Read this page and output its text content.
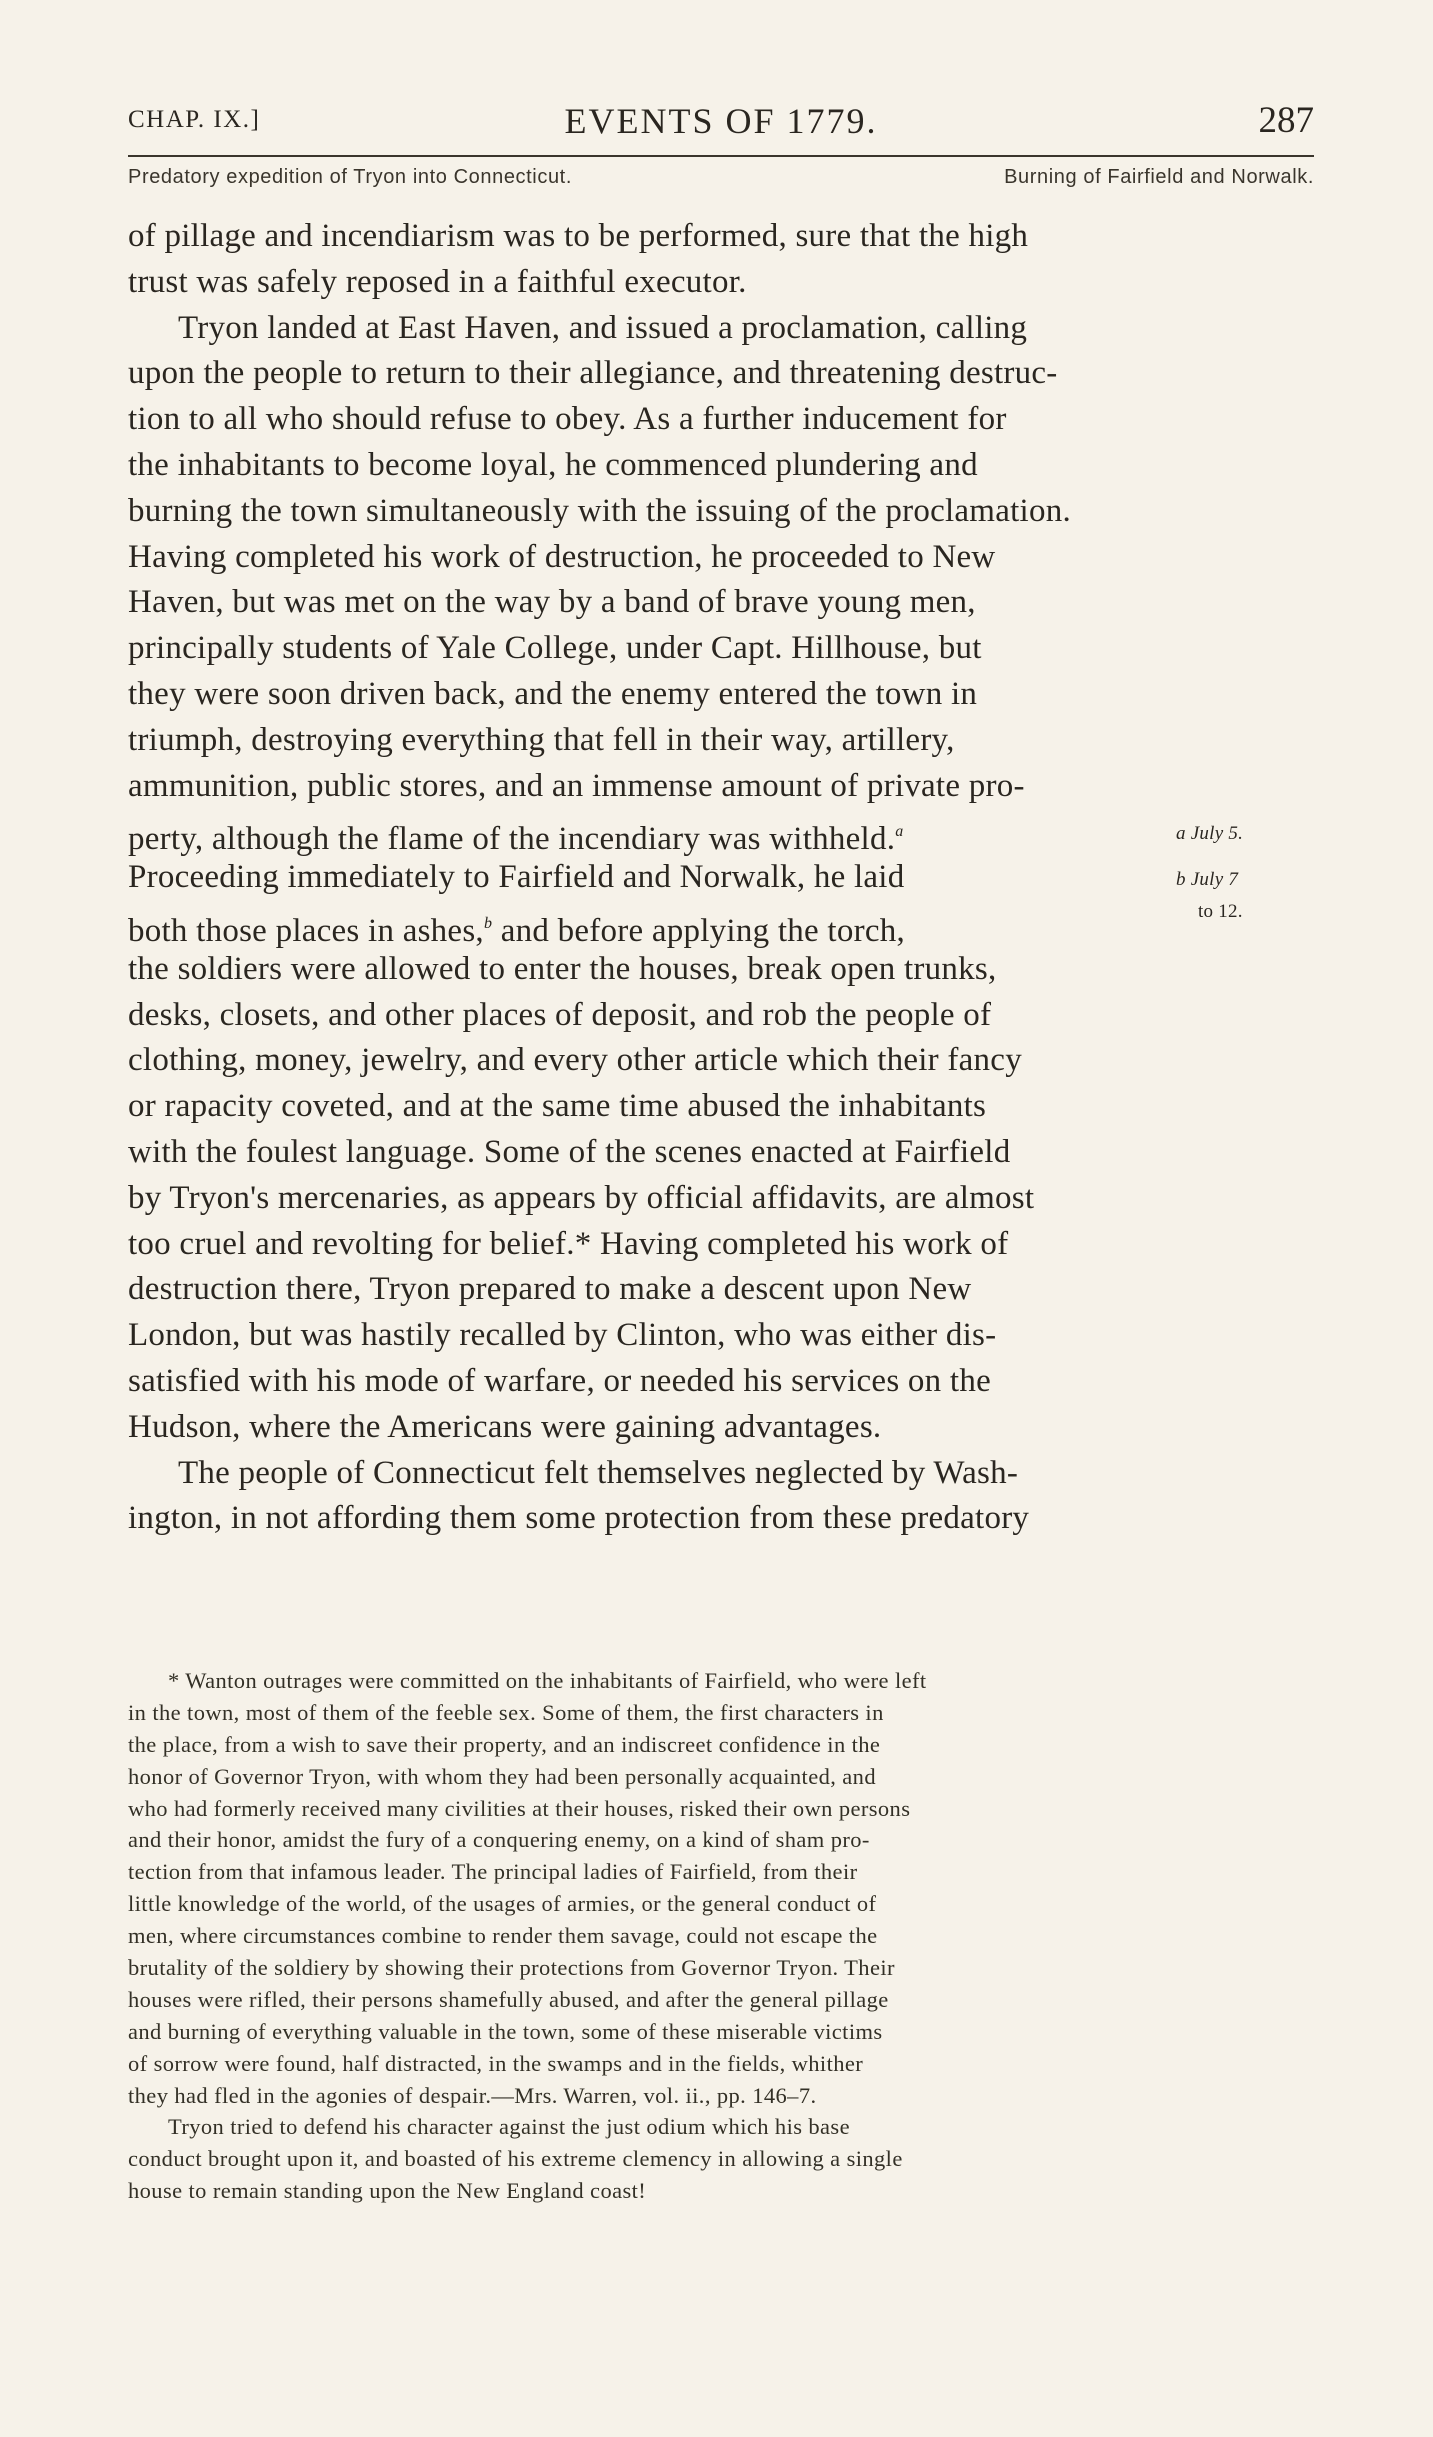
CHAP. IX.]	EVENTS OF 1779.	287
Predatory expedition of Tryon into Connecticut.	Burning of Fairfield and Norwalk.
of pillage and incendiarism was to be performed, sure that the high
trust was safely reposed in a faithful executor.
Tryon landed at East Haven, and issued a proclamation, calling
upon the people to return to their allegiance, and threatening destruc-
tion to all who should refuse to obey. As a further inducement for
the inhabitants to become loyal, he commenced plundering and
burning the town simultaneously with the issuing of the proclamation.
Having completed his work of destruction, he proceeded to New
Haven, but was met on the way by a band of brave young men,
principally students of Yale College, under Capt. Hillhouse, but
they were soon driven back, and the enemy entered the town in
triumph, destroying everything that fell in their way, artillery,
ammunition, public stores, and an immense amount of private pro-
perty, although the flame of the incendiary was withheld.$^a$	a July 5.
Proceeding immediately to Fairfield and Norwalk, he laid	b July 7
both those places in ashes,$^b$ and before applying the torch,
to 12.
the soldiers were allowed to enter the houses, break open trunks,
desks, closets, and other places of deposit, and rob the people of
clothing, money, jewelry, and every other article which their fancy
or rapacity coveted, and at the same time abused the inhabitants
with the foulest language. Some of the scenes enacted at Fairfield
by Tryon's mercenaries, as appears by official affidavits, are almost
too cruel and revolting for belief.* Having completed his work of
destruction there, Tryon prepared to make a descent upon New
London, but was hastily recalled by Clinton, who was either dis-
satisfied with his mode of warfare, or needed his services on the
Hudson, where the Americans were gaining advantages.
The people of Connecticut felt themselves neglected by Wash-
ington, in not affording them some protection from these predatory
* Wanton outrages were committed on the inhabitants of Fairfield, who were left
in the town, most of them of the feeble sex. Some of them, the first characters in
the place, from a wish to save their property, and an indiscreet confidence in the
honor of Governor Tryon, with whom they had been personally acquainted, and
who had formerly received many civilities at their houses, risked their own persons
and their honor, amidst the fury of a conquering enemy, on a kind of sham pro-
tection from that infamous leader. The principal ladies of Fairfield, from their
little knowledge of the world, of the usages of armies, or the general conduct of
men, where circumstances combine to render them savage, could not escape the
brutality of the soldiery by showing their protections from Governor Tryon. Their
houses were rifled, their persons shamefully abused, and after the general pillage
and burning of everything valuable in the town, some of these miserable victims
of sorrow were found, half distracted, in the swamps and in the fields, whither
they had fled in the agonies of despair.—Mrs. Warren, vol. ii., pp. 146–7.
Tryon tried to defend his character against the just odium which his base
conduct brought upon it, and boasted of his extreme clemency in allowing a single
house to remain standing upon the New England coast!
